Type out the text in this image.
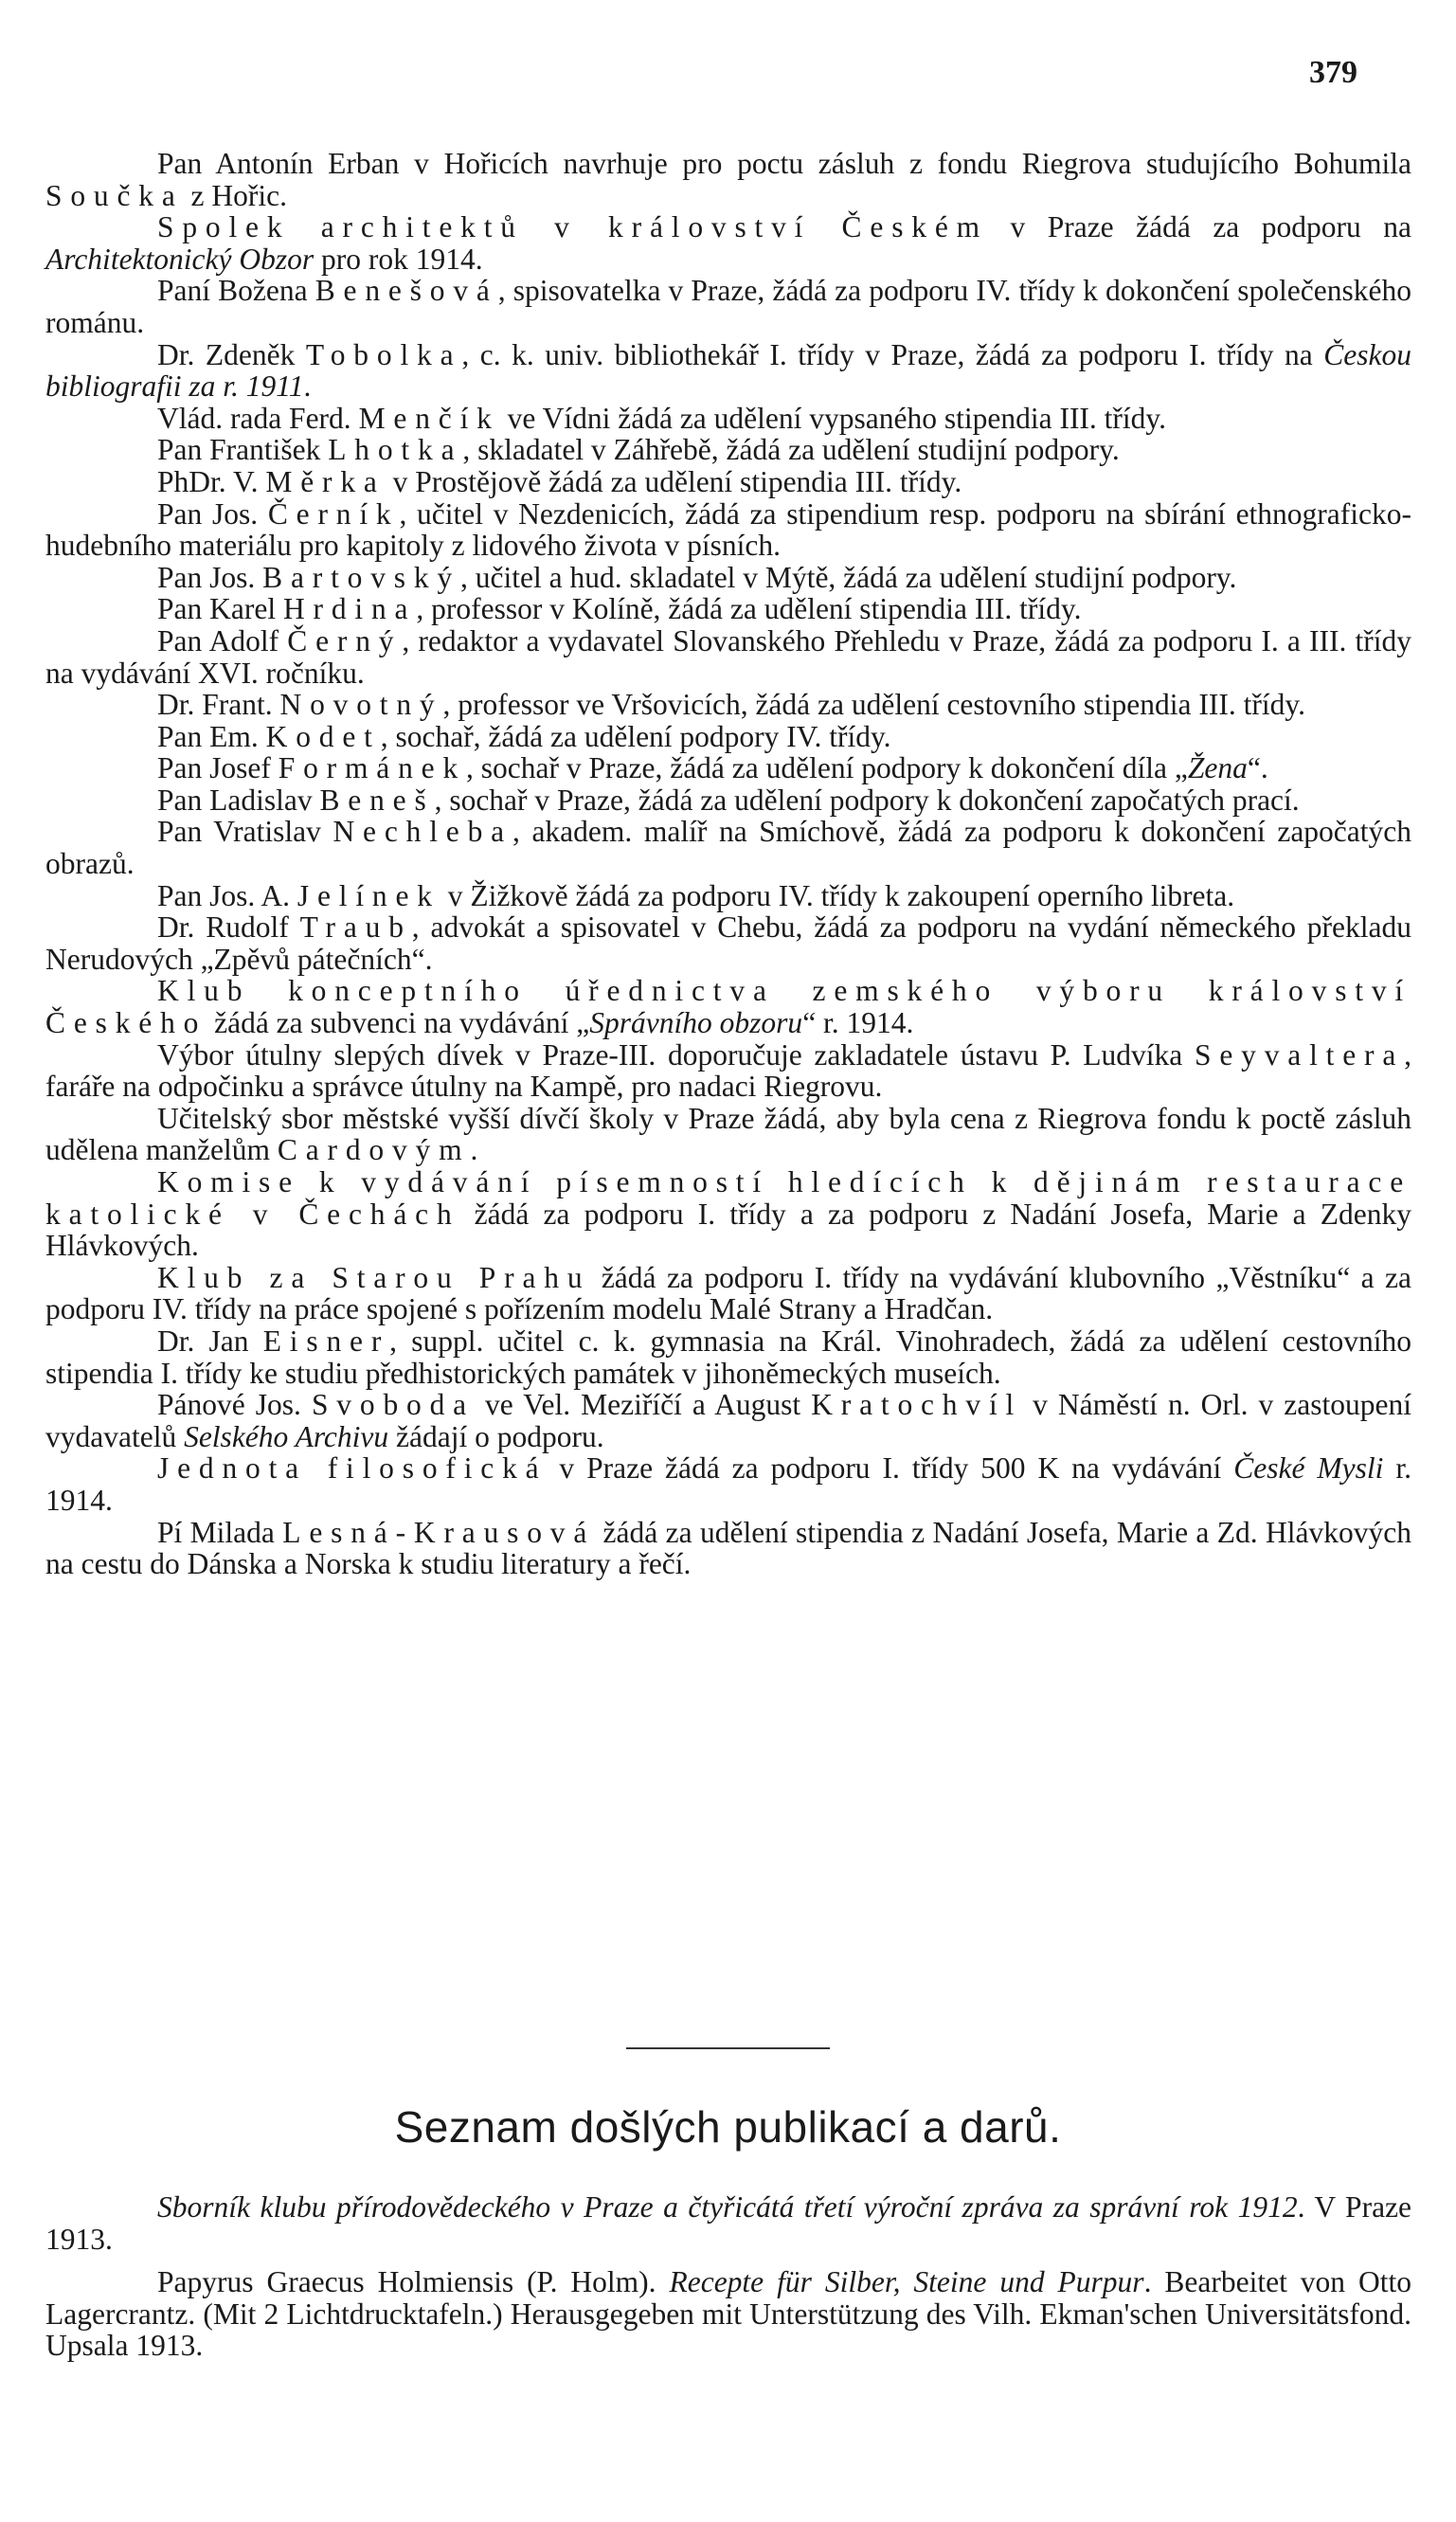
379

Pan Antonín Erban v Hořicích navrhuje pro poctu zásluh z fondu Riegrova studujícího Bohumila Součka z Hořic.

Spolek architektů v království Českém v Praze žádá za podporu na Architektonický Obzor pro rok 1914.

Paní Božena Benešová, spisovatelka v Praze, žádá za podporu IV. třídy k dokončení společenského románu.

Dr. Zdeněk Tobolka, c. k. univ. bibliothekář I. třídy v Praze, žádá za podporu I. třídy na Českou bibliografii za r. 1911.

Vlád. rada Ferd. Menčík ve Vídni žádá za udělení vypsaného stipendia III. třídy.

Pan František Lhotka, skladatel v Záhřebě, žádá za udělení studijní podpory.

PhDr. V. Měrka v Prostějově žádá za udělení stipendia III. třídy.

Pan Jos. Černík, učitel v Nezdenicích, žádá za stipendium resp. podporu na sbírání ethnograficko-hudebního materiálu pro kapitoly z lidového života v písních.

Pan Jos. Bartovský, učitel a hud. skladatel v Mýtě, žádá za udělení studijní podpory.

Pan Karel Hrdina, professor v Kolíně, žádá za udělení stipendia III. třídy.

Pan Adolf Černý, redaktor a vydavatel Slovanského Přehledu v Praze, žádá za podporu I. a III. třídy na vydávání XVI. ročníku.

Dr. Frant. Novotný, professor ve Vršovicích, žádá za udělení cestovního stipendia III. třídy.

Pan Em. Kodet, sochař, žádá za udělení podpory IV. třídy.

Pan Josef Formánek, sochař v Praze, žádá za udělení podpory k dokončení díla „Žena“.

Pan Ladislav Beneš, sochař v Praze, žádá za udělení podpory k dokončení započatých prací.

Pan Vratislav Nechleba, akadem. malíř na Smíchově, žádá za podporu k dokončení započatých obrazů.

Pan Jos. A. Jelínek v Žižkově žádá za podporu IV. třídy k zakoupení operního libreta.

Dr. Rudolf Traub, advokát a spisovatel v Chebu, žádá za podporu na vydání německého překladu Nerudových „Zpěvů pátečních“.

Klub konceptního úřednictva zemského výboru království Českého žádá za subvenci na vydávání „Správního obzoru“ r. 1914.

Výbor útulny slepých dívek v Praze-III. doporučuje zakladatele ústavu P. Ludvíka Seyvaltera, faráře na odpočinku a správce útulny na Kampě, pro nadaci Riegrovu.

Učitelský sbor městské vyšší dívčí školy v Praze žádá, aby byla cena z Riegrova fondu k poctě zásluh udělena manželům Cardovým.

Komise k vydávání písemností hledících k dějinám restaurace katolické v Čechách žádá za podporu I. třídy a za podporu z Nadání Josefa, Marie a Zdenky Hlávkových.

Klub za Starou Prahu žádá za podporu I. třídy na vydávání klubovního „Věstníku“ a za podporu IV. třídy na práce spojené s pořízením modelu Malé Strany a Hradčan.

Dr. Jan Eisner, suppl. učitel c. k. gymnasia na Král. Vinohradech, žádá za udělení cestovního stipendia I. třídy ke studiu předhistorických památek v jihoněmeckých museích.

Pánové Jos. Svoboda ve Vel. Meziříčí a August Kratochvíl v Náměstí n. Orl. v zastoupení vydavatelů Selského Archivu žádají o podporu.

Jednota filosofická v Praze žádá za podporu I. třídy 500 K na vydávání České Mysli r. 1914.

Pí Milada Lesná-Krausová žádá za udělení stipendia z Nadání Josefa, Marie a Zd. Hlávkových na cestu do Dánska a Norska k studiu literatury a řečí.

Seznam došlých publikací a darů.

Sborník klubu přírodovědeckého v Praze a čtyřicátá třetí výroční zpráva za správní rok 1912. V Praze 1913.

Papyrus Graecus Holmiensis (P. Holm). Recepte für Silber, Steine und Purpur. Bearbeitet von Otto Lagercrantz. (Mit 2 Lichtdrucktafeln.) Herausgegeben mit Unterstützung des Vilh. Ekman'schen Universitätsfond. Upsala 1913.
